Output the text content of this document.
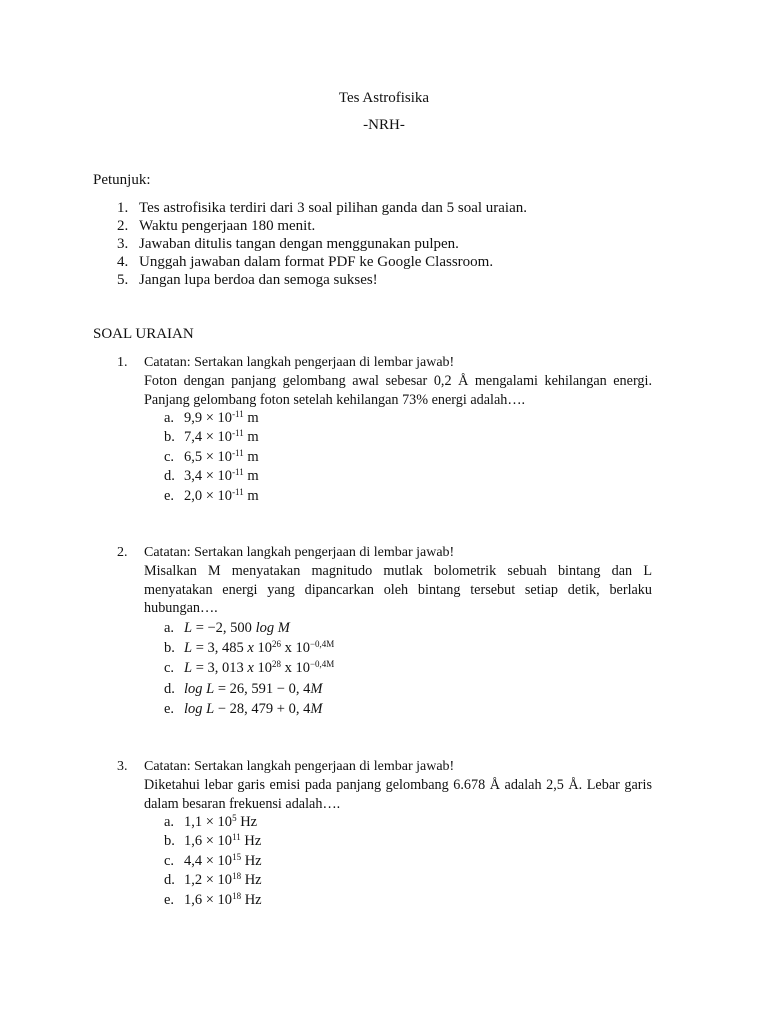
Tes Astrofisika
-NRH-
Petunjuk:
1. Tes astrofisika terdiri dari 3 soal pilihan ganda dan 5 soal uraian.
2. Waktu pengerjaan 180 menit.
3. Jawaban ditulis tangan dengan menggunakan pulpen.
4. Unggah jawaban dalam format PDF ke Google Classroom.
5. Jangan lupa berdoa dan semoga sukses!
SOAL URAIAN
1. Catatan: Sertakan langkah pengerjaan di lembar jawab!
Foton dengan panjang gelombang awal sebesar 0,2 Å mengalami kehilangan energi. Panjang gelombang foton setelah kehilangan 73% energi adalah….
a. $9,9 \times 10^{-11}$ m
b. $7,4 \times 10^{-11}$ m
c. $6,5 \times 10^{-11}$ m
d. $3,4 \times 10^{-11}$ m
e. $2,0 \times 10^{-11}$ m
2. Catatan: Sertakan langkah pengerjaan di lembar jawab!
Misalkan M menyatakan magnitudo mutlak bolometrik sebuah bintang dan L menyatakan energi yang dipancarkan oleh bintang tersebut setiap detik, berlaku hubungan….
a. L = −2, 500 log M
b. L = 3, 485 x $10^{26}$ x $10^{-0,4M}$
c. L = 3, 013 x $10^{28}$ x $10^{-0,4M}$
d. log L = 26, 591 − 0, 4M
e. log L − 28, 479 + 0, 4M
3. Catatan: Sertakan langkah pengerjaan di lembar jawab!
Diketahui lebar garis emisi pada panjang gelombang 6.678 Å adalah 2,5 Å. Lebar garis dalam besaran frekuensi adalah….
a. $1,1 \times 10^5$ Hz
b. $1,6 \times 10^{11}$ Hz
c. $4,4 \times 10^{15}$ Hz
d. $1,2 \times 10^{18}$ Hz
e. $1,6 \times 10^{18}$ Hz
